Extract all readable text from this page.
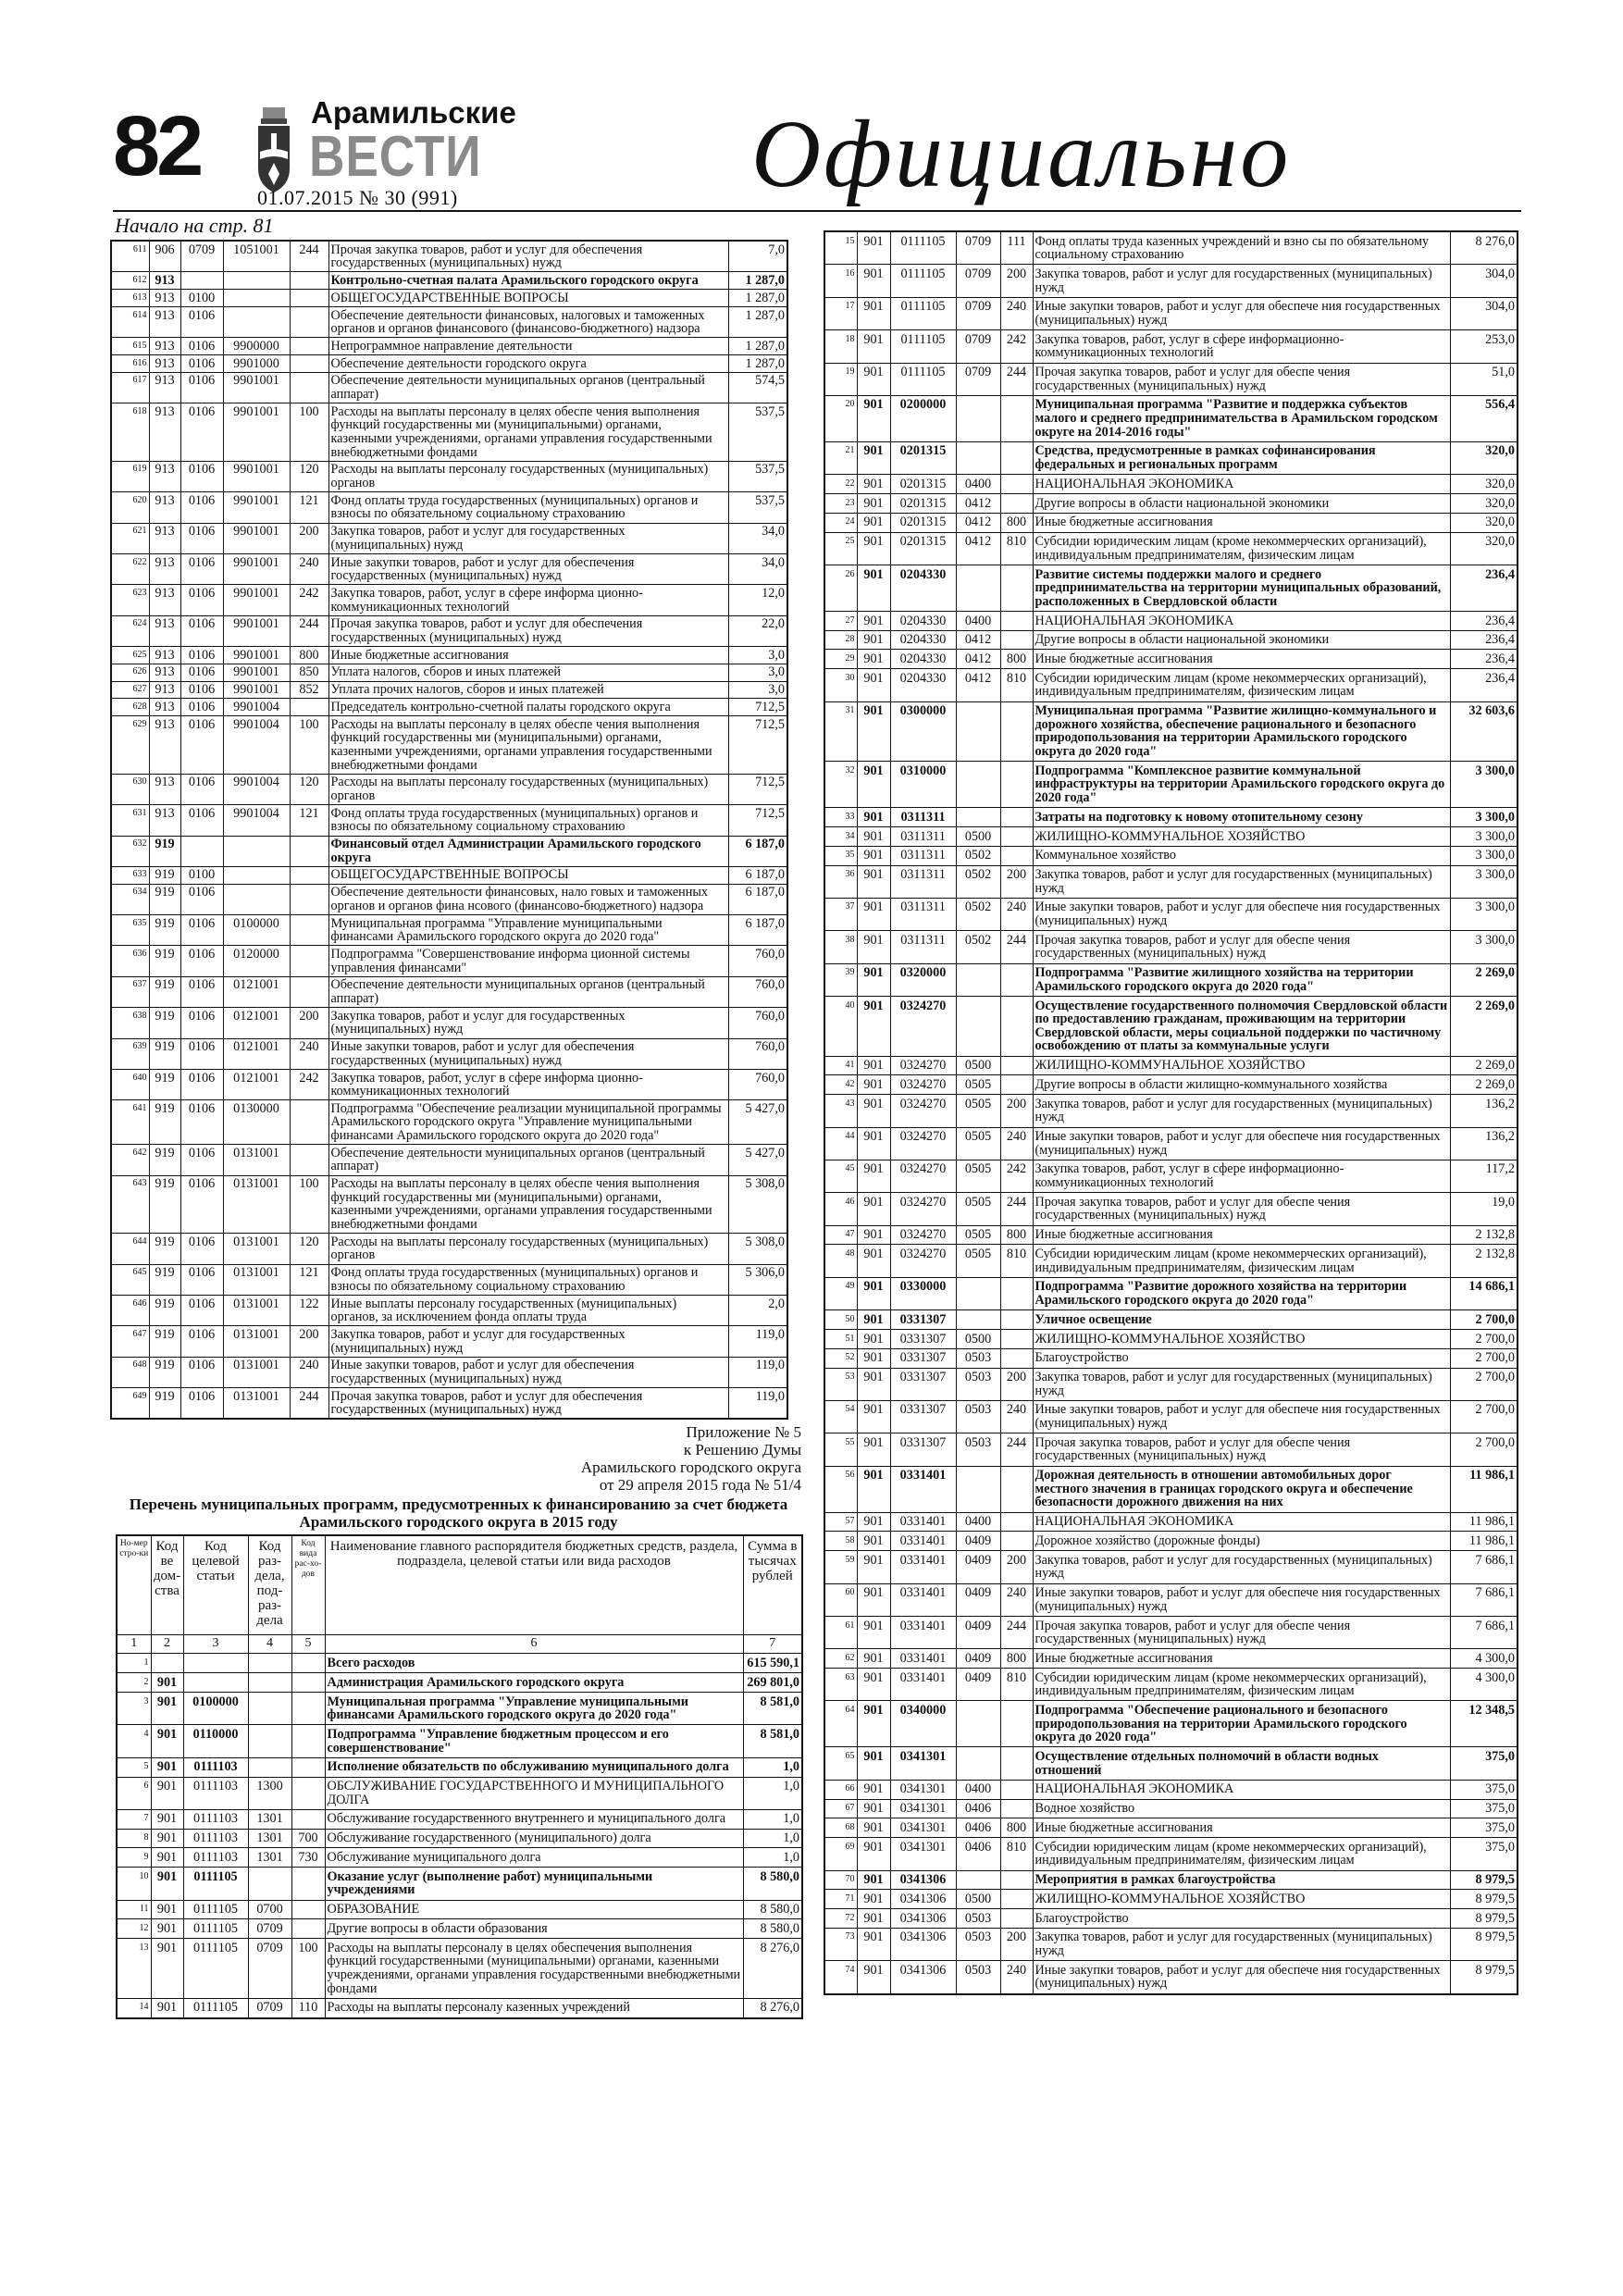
82	Арамильские
ВЕСТИ
01.07.2015 № 30 (991)	Официально
Начало на стр. 81
611	906	0709	1051001	244	Прочая закупка товаров, работ и услуг для обеспечения государственных (муниципальных) нужд	7,0
612	913				Контрольно-счетная палата Арамильского городского округа	1 287,0
613	913	0100			ОБЩЕГОСУДАРСТВЕННЫЕ ВОПРОСЫ	1 287,0
614	913	0106			Обеспечение деятельности финансовых, налоговых и таможенных органов и органов финансового (финансово-бюджетного) надзора	1 287,0
615	913	0106	9900000		Непрограммное направление деятельности	1 287,0
616	913	0106	9901000		Обеспечение деятельности городского округа	1 287,0
617	913	0106	9901001		Обеспечение деятельности муниципальных органов (центральный аппарат)	574,5
618	913	0106	9901001	100	Расходы на выплаты персоналу в целях обеспе чения выполнения функций государственны ми (муниципальными) органами, казенными учреждениями, органами управления государственными внебюджетными фондами	537,5
619	913	0106	9901001	120	Расходы на выплаты персоналу государственных (муниципальных) органов	537,5
620	913	0106	9901001	121	Фонд оплаты труда государственных (муниципальных) органов и взносы по обязательному социальному страхованию	537,5
621	913	0106	9901001	200	Закупка товаров, работ и услуг для государственных (муниципальных) нужд	34,0
622	913	0106	9901001	240	Иные закупки товаров, работ и услуг для обеспечения государственных (муниципальных) нужд	34,0
623	913	0106	9901001	242	Закупка товаров, работ, услуг в сфере информа ционно-коммуникационных технологий	12,0
624	913	0106	9901001	244	Прочая закупка товаров, работ и услуг для обеспечения государственных (муниципальных) нужд	22,0
625	913	0106	9901001	800	Иные бюджетные ассигнования	3,0
626	913	0106	9901001	850	Уплата налогов, сборов и иных платежей	3,0
627	913	0106	9901001	852	Уплата прочих налогов, сборов и иных платежей	3,0
628	913	0106	9901004		Председатель контрольно-счетной палаты городского округа	712,5
629	913	0106	9901004	100	Расходы на выплаты персоналу в целях обеспе чения выполнения функций государственны ми (муниципальными) органами, казенными учреждениями, органами управления государственными внебюджетными фондами	712,5
630	913	0106	9901004	120	Расходы на выплаты персоналу государственных (муниципальных) органов	712,5
631	913	0106	9901004	121	Фонд оплаты труда государственных (муниципальных) органов и взносы по обязательному социальному страхованию	712,5
632	919				Финансовый отдел Администрации Арамильского городского округа	6 187,0
633	919	0100			ОБЩЕГОСУДАРСТВЕННЫЕ ВОПРОСЫ	6 187,0
634	919	0106			Обеспечение деятельности финансовых, нало говых и таможенных органов и органов фина нсового (финансово-бюджетного) надзора	6 187,0
635	919	0106	0100000		Муниципальная программа "Управление муниципальными финансами Арамильского городского округа до 2020 года"	6 187,0
636	919	0106	0120000		Подпрограмма "Совершенствование информа ционной системы управления финансами"	760,0
637	919	0106	0121001		Обеспечение деятельности муниципальных органов (центральный аппарат)	760,0
638	919	0106	0121001	200	Закупка товаров, работ и услуг для государственных (муниципальных) нужд	760,0
639	919	0106	0121001	240	Иные закупки товаров, работ и услуг для обеспечения государственных (муниципальных) нужд	760,0
640	919	0106	0121001	242	Закупка товаров, работ, услуг в сфере информа ционно-коммуникационных технологий	760,0
641	919	0106	0130000		Подпрограмма "Обеспечение реализации муниципальной программы Арамильского городского округа "Управление муниципальными финансами Арамильского городского округа до 2020 года"	5 427,0
642	919	0106	0131001		Обеспечение деятельности муниципальных органов (центральный аппарат)	5 427,0
643	919	0106	0131001	100	Расходы на выплаты персоналу в целях обеспе чения выполнения функций государственны ми (муниципальными) органами, казенными учреждениями, органами управления государственными внебюджетными фондами	5 308,0
644	919	0106	0131001	120	Расходы на выплаты персоналу государственных (муниципальных) органов	5 308,0
645	919	0106	0131001	121	Фонд оплаты труда государственных (муниципальных) органов и взносы по обязательному социальному страхованию	5 306,0
646	919	0106	0131001	122	Иные выплаты персоналу государственных (муниципальных) органов, за исключением фонда оплаты труда	2,0
647	919	0106	0131001	200	Закупка товаров, работ и услуг для государственных (муниципальных) нужд	119,0
648	919	0106	0131001	240	Иные закупки товаров, работ и услуг для обеспечения государственных (муниципальных) нужд	119,0
649	919	0106	0131001	244	Прочая закупка товаров, работ и услуг для обеспечения государственных (муниципальных) нужд	119,0
Приложение № 5
к Решению Думы
Арамильского городского округа
от 29 апреля 2015 года № 51/4
Перечень муниципальных программ, предусмотренных к финансированию за счет бюджета Арамильского городского округа в 2015 году
Но-мер стро-ки	Код ве дом-ства	Код целевой статьи	Код раз-дела, под-раз-дела	Код вида рас-хо-дов	Наименование главного распорядителя бюджетных средств, раздела, подраздела, целевой статьи или вида расходов	Сумма в тысячах рублей
1	2	3	4	5	6	7
1					Всего расходов	615 590,1
2	901				Администрация Арамильского городского округа	269 801,0
3	901	0100000			Муниципальная программа "Управление муниципальными финансами Арамильского городского округа до 2020 года"	8 581,0
4	901	0110000			Подпрограмма "Управление бюджетным процессом и его совершенствование"	8 581,0
5	901	0111103			Исполнение обязательств по обслуживанию муниципального долга	1,0
6	901	0111103	1300		ОБСЛУЖИВАНИЕ ГОСУДАРСТВЕННОГО И МУНИЦИПАЛЬНОГО ДОЛГА	1,0
7	901	0111103	1301		Обслуживание государственного внутреннего и муниципального долга	1,0
8	901	0111103	1301	700	Обслуживание государственного (муниципального) долга	1,0
9	901	0111103	1301	730	Обслуживание муниципального долга	1,0
10	901	0111105			Оказание услуг (выполнение работ) муниципальными учреждениями	8 580,0
11	901	0111105	0700		ОБРАЗОВАНИЕ	8 580,0
12	901	0111105	0709		Другие вопросы в области образования	8 580,0
13	901	0111105	0709	100	Расходы на выплаты персоналу в целях обеспечения выполнения функций государственными (муниципальными) органами, казенными учреждениями, органами управления государственными внебюджетными фондами	8 276,0
14	901	0111105	0709	110	Расходы на выплаты персоналу казенных учреждений	8 276,0
15	901	0111105	0709	111	Фонд оплаты труда казенных учреждений и взно сы по обязательному социальному страхованию	8 276,0
16	901	0111105	0709	200	Закупка товаров, работ и услуг для государственных (муниципальных) нужд	304,0
17	901	0111105	0709	240	Иные закупки товаров, работ и услуг для обеспече ния государственных (муниципальных) нужд	304,0
18	901	0111105	0709	242	Закупка товаров, работ, услуг в сфере информационно-коммуникационных технологий	253,0
19	901	0111105	0709	244	Прочая закупка товаров, работ и услуг для обеспе чения государственных (муниципальных) нужд	51,0
20	901	0200000			Муниципальная программа "Развитие и поддержка субъектов малого и среднего предпринимательства в Арамильском городском округе на 2014-2016 годы"	556,4
21	901	0201315			Средства, предусмотренные в рамках софинансирования федеральных и региональных программ	320,0
22	901	0201315	0400		НАЦИОНАЛЬНАЯ ЭКОНОМИКА	320,0
23	901	0201315	0412		Другие вопросы в области национальной экономики	320,0
24	901	0201315	0412	800	Иные бюджетные ассигнования	320,0
25	901	0201315	0412	810	Субсидии юридическим лицам (кроме некоммерческих организаций), индивидуальным предпринимателям, физическим лицам	320,0
26	901	0204330			Развитие системы поддержки малого и среднего предпринимательства на территории муниципальных образований, расположенных в Свердловской области	236,4
27	901	0204330	0400		НАЦИОНАЛЬНАЯ ЭКОНОМИКА	236,4
28	901	0204330	0412		Другие вопросы в области национальной экономики	236,4
29	901	0204330	0412	800	Иные бюджетные ассигнования	236,4
30	901	0204330	0412	810	Субсидии юридическим лицам (кроме некоммерческих организаций), индивидуальным предпринимателям, физическим лицам	236,4
31	901	0300000			Муниципальная программа "Развитие жилищно-коммунального и дорожного хозяйства, обеспечение рационального и безопасного природопользования на территории Арамильского городского округа до 2020 года"	32 603,6
32	901	0310000			Подпрограмма "Комплексное развитие коммунальной инфраструктуры на территории Арамильского городского округа до 2020 года"	3 300,0
33	901	0311311			Затраты на подготовку к новому отопительному сезону	3 300,0
34	901	0311311	0500		ЖИЛИЩНО-КОММУНАЛЬНОЕ ХОЗЯЙСТВО	3 300,0
35	901	0311311	0502		Коммунальное хозяйство	3 300,0
36	901	0311311	0502	200	Закупка товаров, работ и услуг для государственных (муниципальных) нужд	3 300,0
37	901	0311311	0502	240	Иные закупки товаров, работ и услуг для обеспече ния государственных (муниципальных) нужд	3 300,0
38	901	0311311	0502	244	Прочая закупка товаров, работ и услуг для обеспе чения государственных (муниципальных) нужд	3 300,0
39	901	0320000			Подпрограмма "Развитие жилищного хозяйства на территории Арамильского городского округа до 2020 года"	2 269,0
40	901	0324270			Осуществление государственного полномочия Свердловской области по предоставлению гражданам, проживающим на территории Свердловской области, меры социальной поддержки по частичному освобождению от платы за коммунальные услуги	2 269,0
41	901	0324270	0500		ЖИЛИЩНО-КОММУНАЛЬНОЕ ХОЗЯЙСТВО	2 269,0
42	901	0324270	0505		Другие вопросы в области жилищно-коммунального хозяйства	2 269,0
43	901	0324270	0505	200	Закупка товаров, работ и услуг для государственных (муниципальных) нужд	136,2
44	901	0324270	0505	240	Иные закупки товаров, работ и услуг для обеспече ния государственных (муниципальных) нужд	136,2
45	901	0324270	0505	242	Закупка товаров, работ, услуг в сфере информационно-коммуникационных технологий	117,2
46	901	0324270	0505	244	Прочая закупка товаров, работ и услуг для обеспе чения государственных (муниципальных) нужд	19,0
47	901	0324270	0505	800	Иные бюджетные ассигнования	2 132,8
48	901	0324270	0505	810	Субсидии юридическим лицам (кроме некоммерческих организаций), индивидуальным предпринимателям, физическим лицам	2 132,8
49	901	0330000			Подпрограмма "Развитие дорожного хозяйства на территории Арамильского городского округа до 2020 года"	14 686,1
50	901	0331307			Уличное освещение	2 700,0
51	901	0331307	0500		ЖИЛИЩНО-КОММУНАЛЬНОЕ ХОЗЯЙСТВО	2 700,0
52	901	0331307	0503		Благоустройство	2 700,0
53	901	0331307	0503	200	Закупка товаров, работ и услуг для государственных (муниципальных) нужд	2 700,0
54	901	0331307	0503	240	Иные закупки товаров, работ и услуг для обеспече ния государственных (муниципальных) нужд	2 700,0
55	901	0331307	0503	244	Прочая закупка товаров, работ и услуг для обеспе чения государственных (муниципальных) нужд	2 700,0
56	901	0331401			Дорожная деятельность в отношении автомобильных дорог местного значения в границах городского округа и обеспечение безопасности дорожного движения на них	11 986,1
57	901	0331401	0400		НАЦИОНАЛЬНАЯ ЭКОНОМИКА	11 986,1
58	901	0331401	0409		Дорожное хозяйство (дорожные фонды)	11 986,1
59	901	0331401	0409	200	Закупка товаров, работ и услуг для государственных (муниципальных) нужд	7 686,1
60	901	0331401	0409	240	Иные закупки товаров, работ и услуг для обеспече ния государственных (муниципальных) нужд	7 686,1
61	901	0331401	0409	244	Прочая закупка товаров, работ и услуг для обеспе чения государственных (муниципальных) нужд	7 686,1
62	901	0331401	0409	800	Иные бюджетные ассигнования	4 300,0
63	901	0331401	0409	810	Субсидии юридическим лицам (кроме некоммерческих организаций), индивидуальным предпринимателям, физическим лицам	4 300,0
64	901	0340000			Подпрограмма "Обеспечение рационального и безопасного природопользования на территории Арамильского городского округа до 2020 года"	12 348,5
65	901	0341301			Осуществление отдельных полномочий в области водных отношений	375,0
66	901	0341301	0400		НАЦИОНАЛЬНАЯ ЭКОНОМИКА	375,0
67	901	0341301	0406		Водное хозяйство	375,0
68	901	0341301	0406	800	Иные бюджетные ассигнования	375,0
69	901	0341301	0406	810	Субсидии юридическим лицам (кроме некоммерческих организаций), индивидуальным предпринимателям, физическим лицам	375,0
70	901	0341306			Мероприятия в рамках благоустройства	8 979,5
71	901	0341306	0500		ЖИЛИЩНО-КОММУНАЛЬНОЕ ХОЗЯЙСТВО	8 979,5
72	901	0341306	0503		Благоустройство	8 979,5
73	901	0341306	0503	200	Закупка товаров, работ и услуг для государственных (муниципальных) нужд	8 979,5
74	901	0341306	0503	240	Иные закупки товаров, работ и услуг для обеспече ния государственных (муниципальных) нужд	8 979,5
